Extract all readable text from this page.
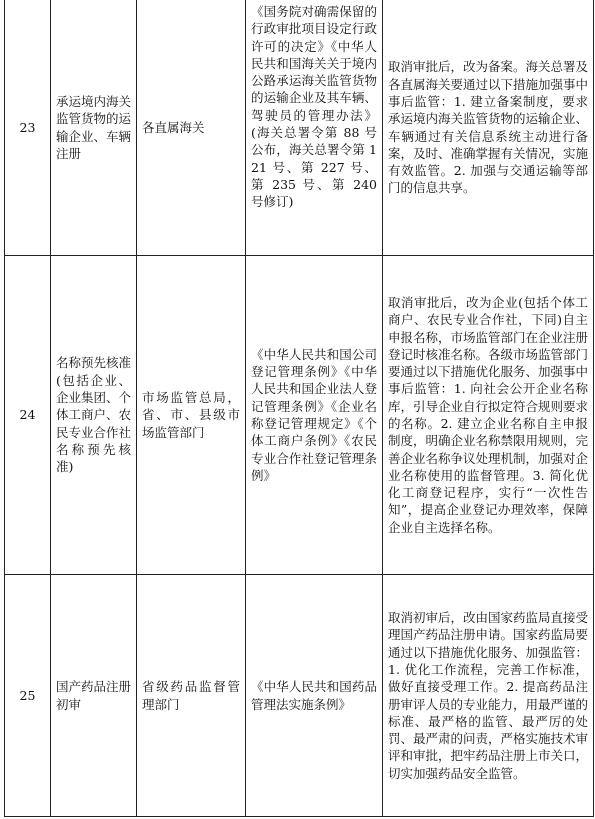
23	承运境内海关监管货物的运输企业、车辆注册	各直属海关	《国务院对确需保留的行政审批项目设定行政许可的决定》《中华人民共和国海关关于境内公路承运海关监管货物的运输企业及其车辆、驾驶员的管理办法》(海关总署令第 88 号公布，海关总署令第 121 号、第 227 号、第 235 号、第 240 号修订)	取消审批后，改为备案。海关总署及各直属海关要通过以下措施加强事中事后监管：1. 建立备案制度，要求承运境内海关监管货物的运输企业、车辆通过有关信息系统主动进行备案，及时、准确掌握有关情况，实施有效监管。2. 加强与交通运输等部门的信息共享。
24	名称预先核准(包括企业、企业集团、个体工商户、农民专业合作社名称预先核准)	市场监管总局，省、市、县级市场监管部门	《中华人民共和国公司登记管理条例》《中华人民共和国企业法人登记管理条例》《企业名称登记管理规定》《个体工商户条例》《农民专业合作社登记管理条例》	取消审批后，改为企业(包括个体工商户、农民专业合作社，下同)自主申报名称，市场监管部门在企业注册登记时核准名称。各级市场监管部门要通过以下措施优化服务、加强事中事后监管：1. 向社会公开企业名称库，引导企业自行拟定符合规则要求的名称。2. 建立企业名称自主申报制度，明确企业名称禁限用规则，完善企业名称争议处理机制，加强对企业名称使用的监督管理。3. 简化优化工商登记程序，实行“一次性告知”，提高企业登记办理效率，保障企业自主选择名称。
25	国产药品注册初审	省级药品监督管理部门	《中华人民共和国药品管理法实施条例》	取消初审后，改由国家药监局直接受理国产药品注册申请。国家药监局要通过以下措施优化服务、加强监管：1. 优化工作流程，完善工作标准，做好直接受理工作。2. 提高药品注册审评人员的专业能力，用最严谨的标准、最严格的监管、最严厉的处罚、最严肃的问责，严格实施技术审评和审批，把牢药品注册上市关口，切实加强药品安全监管。
